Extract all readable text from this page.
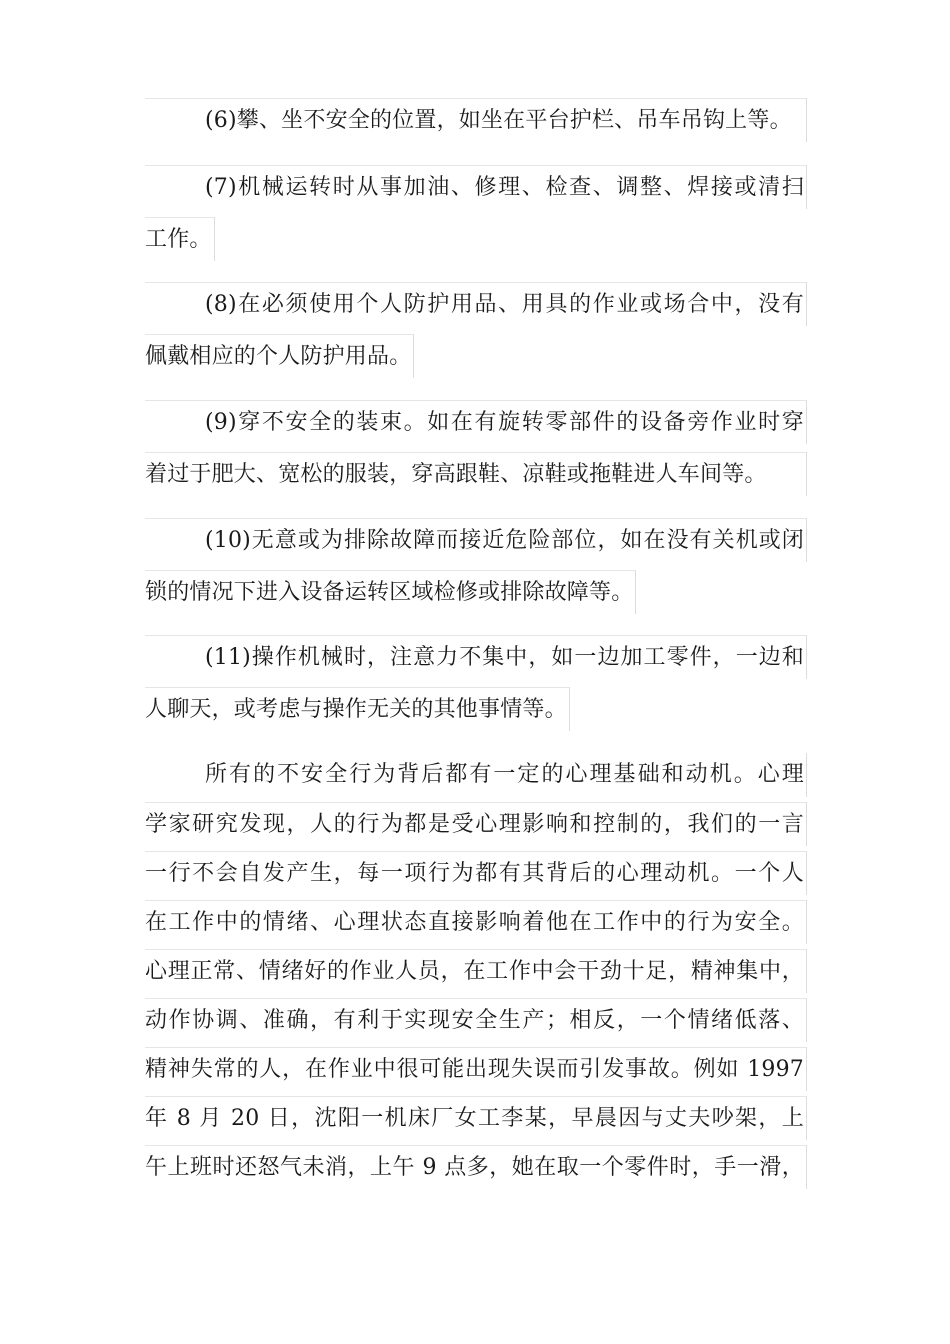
(6)攀、坐不安全的位置，如坐在平台护栏、吊车吊钩上等。
(7)机械运转时从事加油、修理、检查、调整、焊接或清扫
工作。
(8)在必须使用个人防护用品、用具的作业或场合中，没有
佩戴相应的个人防护用品。
(9)穿不安全的装束。如在有旋转零部件的设备旁作业时穿
着过于肥大、宽松的服装，穿高跟鞋、凉鞋或拖鞋进人车间等。
(10)无意或为排除故障而接近危险部位，如在没有关机或闭
锁的情况下进入设备运转区域检修或排除故障等。
(11)操作机械时，注意力不集中，如一边加工零件，一边和
人聊天，或考虑与操作无关的其他事情等。
所有的不安全行为背后都有一定的心理基础和动机。心理
学家研究发现，人的行为都是受心理影响和控制的，我们的一言
一行不会自发产生，每一项行为都有其背后的心理动机。一个人
在工作中的情绪、心理状态直接影响着他在工作中的行为安全。
心理正常、情绪好的作业人员，在工作中会干劲十足，精神集中，
动作协调、准确，有利于实现安全生产；相反，一个情绪低落、
精神失常的人，在作业中很可能出现失误而引发事故。例如 1997
年 8 月 20 日，沈阳一机床厂女工李某，早晨因与丈夫吵架，上
午上班时还怒气未消，上午 9 点多，她在取一个零件时，手一滑，
